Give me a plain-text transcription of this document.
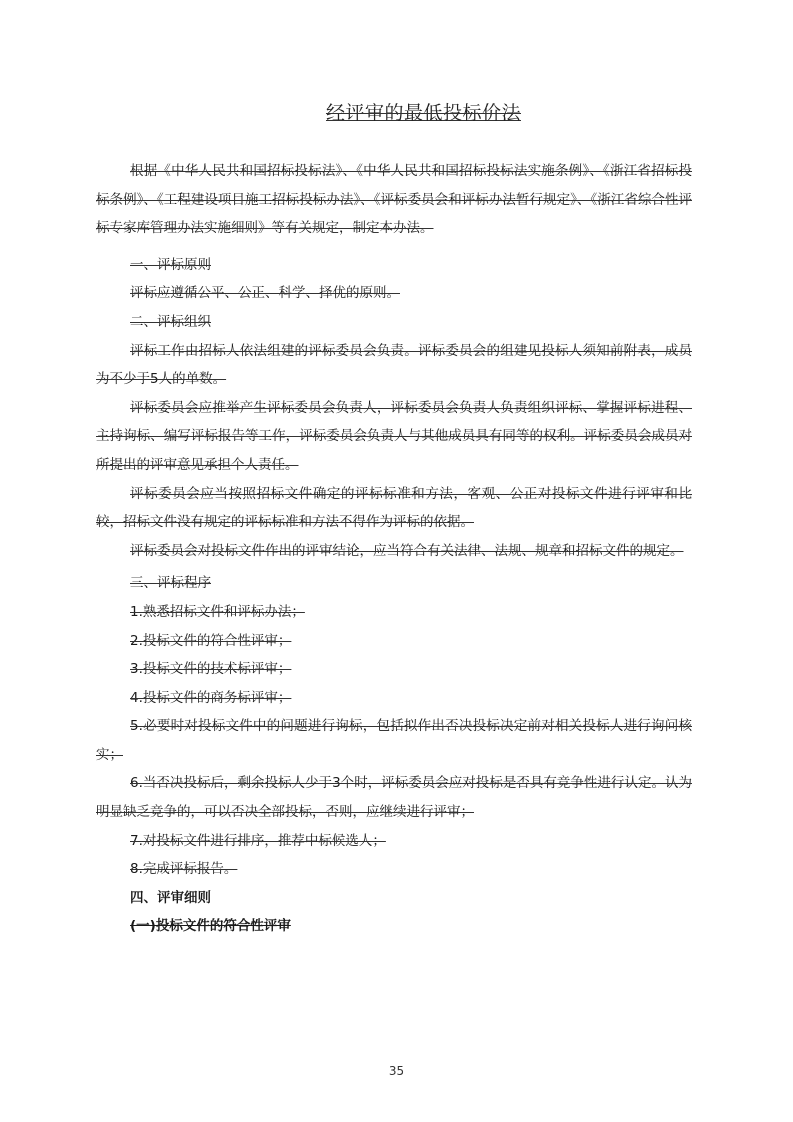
经评审的最低投标价法

根据《中华人民共和国招标投标法》、《中华人民共和国招标投标法实施条例》、《浙江省招标投标条例》、《工程建设项目施工招标投标办法》、《评标委员会和评标办法暂行规定》、《浙江省综合性评标专家库管理办法实施细则》等有关规定，制定本办法。

一、评标原则

评标应遵循公平、公正、科学、择优的原则。

二、评标组织

评标工作由招标人依法组建的评标委员会负责。评标委员会的组建见投标人须知前附表，成员为不少于5人的单数。

评标委员会应推举产生评标委员会负责人，评标委员会负责人负责组织评标、掌握评标进程、主持询标、编写评标报告等工作，评标委员会负责人与其他成员具有同等的权利。评标委员会成员对所提出的评审意见承担个人责任。

评标委员会应当按照招标文件确定的评标标准和方法，客观、公正对投标文件进行评审和比较，招标文件没有规定的评标标准和方法不得作为评标的依据。

评标委员会对投标文件作出的评审结论，应当符合有关法律、法规、规章和招标文件的规定。

三、评标程序

1.熟悉招标文件和评标办法；

2.投标文件的符合性评审；

3.投标文件的技术标评审；

4.投标文件的商务标评审；

5.必要时对投标文件中的问题进行询标，包括拟作出否决投标决定前对相关投标人进行询问核实；

6.当否决投标后，剩余投标人少于3个时，评标委员会应对投标是否具有竞争性进行认定。认为明显缺乏竞争的，可以否决全部投标，否则，应继续进行评审；

7.对投标文件进行排序，推荐中标候选人；

8.完成评标报告。

四、评审细则

(一)投标文件的符合性评审

35
